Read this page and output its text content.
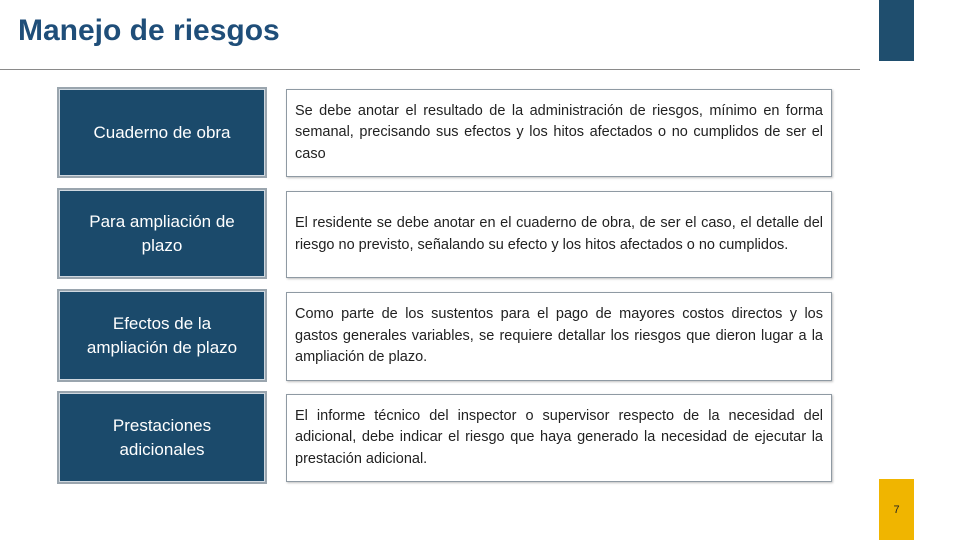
Manejo de riesgos
Cuaderno de obra
Se debe anotar el resultado de la administración de riesgos, mínimo en forma semanal, precisando sus efectos y los hitos afectados o no cumplidos de ser el caso
Para ampliación de plazo
El residente se debe anotar en el cuaderno de obra, de ser el caso, el detalle del riesgo no previsto, señalando su efecto y los hitos afectados o no cumplidos.
Efectos de la ampliación de plazo
Como parte de los sustentos para el pago de mayores costos directos y los gastos generales variables, se requiere detallar los riesgos que dieron lugar a la ampliación de plazo.
Prestaciones adicionales
El informe técnico del inspector o supervisor respecto de la necesidad del adicional, debe indicar el riesgo que haya generado la necesidad de ejecutar la prestación adicional.
7
